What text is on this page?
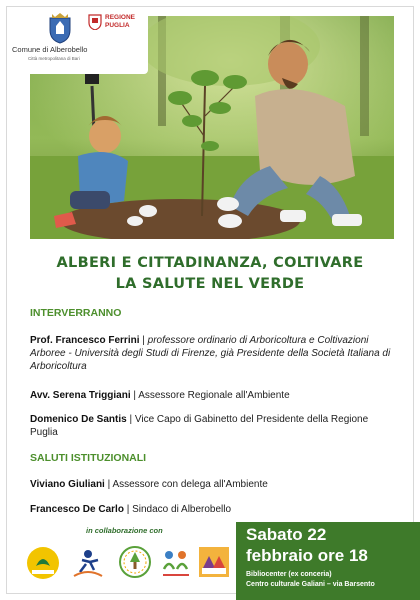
REGIONE PUGLIA
Comune di Alberobello
Città metropolitana di Bari
ALBERI E CITTADINANZA, COLTIVARE
LA SALUTE NEL VERDE
INTERVERRANNO
Prof. Francesco Ferrini | professore ordinario di Arboricoltura e Coltivazioni Arboree - Università degli Studi di Firenze, già Presidente della Società Italiana di Arboricoltura
Avv. Serena Triggiani | Assessore Regionale all'Ambiente
Domenico De Santis | Vice Capo di Gabinetto del Presidente della Regione Puglia
SALUTI ISTITUZIONALI
Viviano Giuliani | Assessore con delega all'Ambiente
Francesco De Carlo | Sindaco di Alberobello
in collaborazione con	Sabato 22
febbraio ore 18
Bibliocenter (ex conceria)
Centro culturale Galiani – via Barsento
